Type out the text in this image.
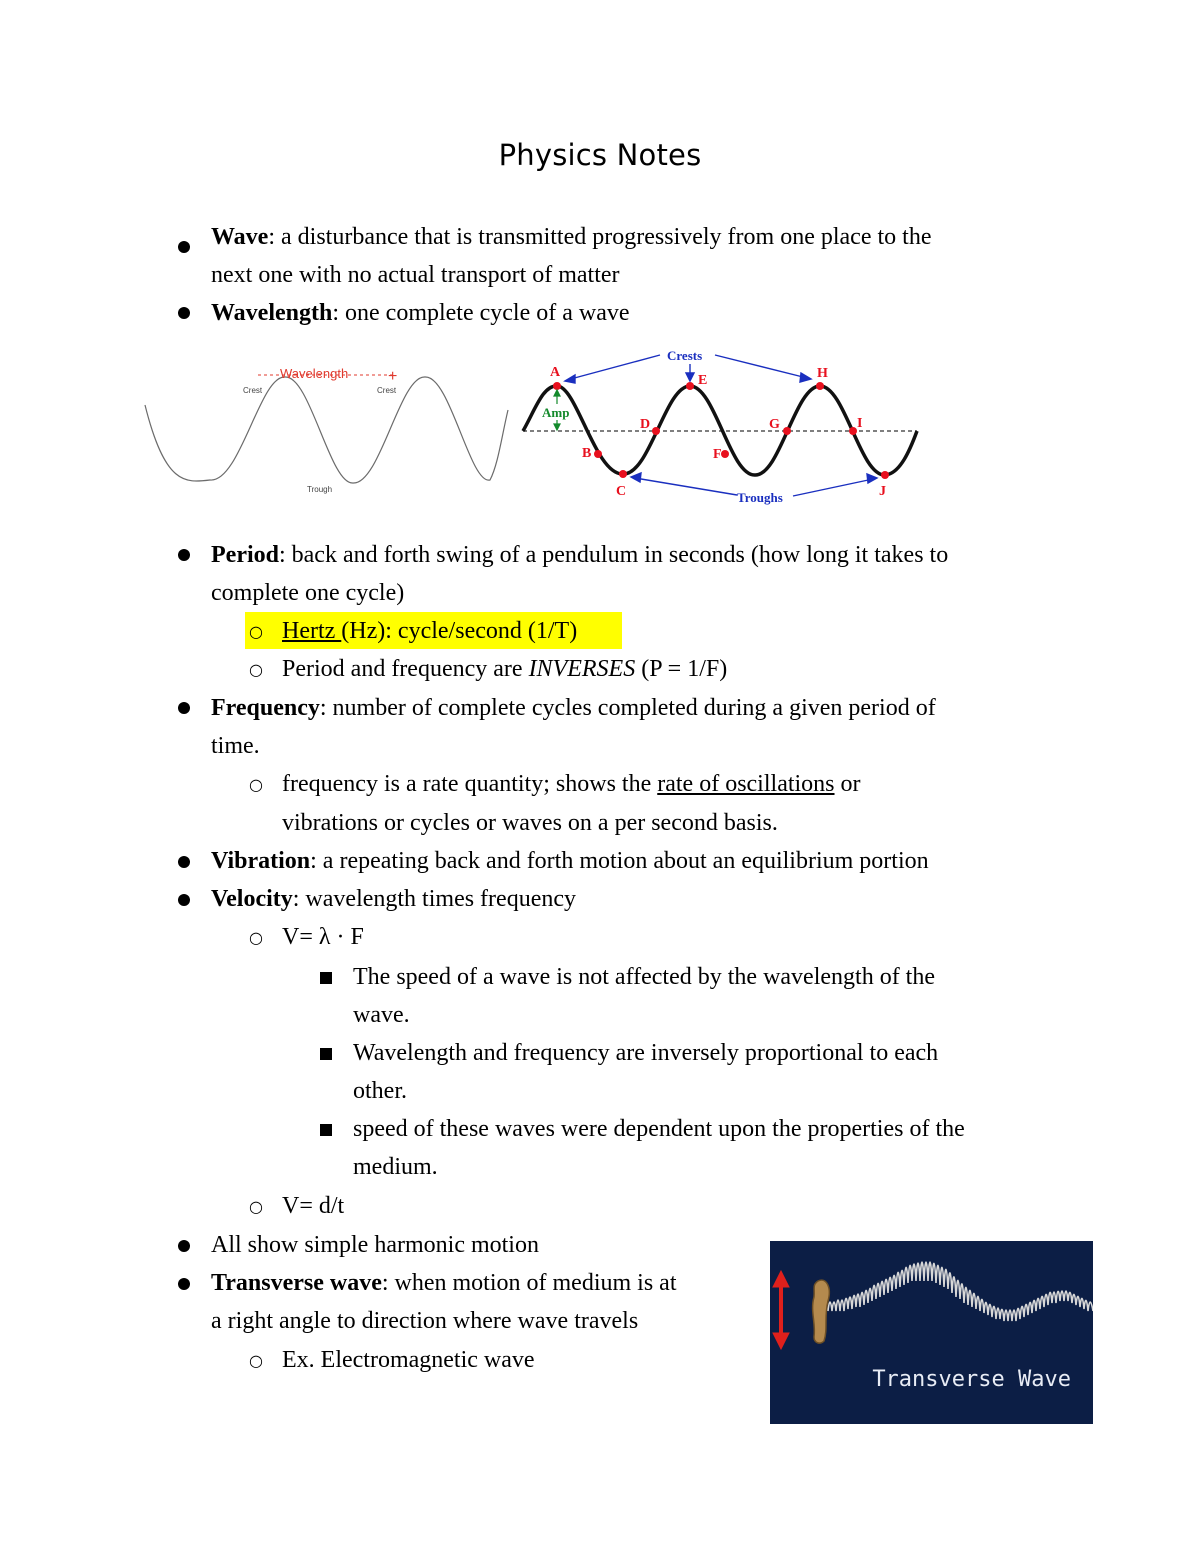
Physics Notes
Wave: a disturbance that is transmitted progressively from one place to the
next one with no actual transport of matter
Wavelength: one complete cycle of a wave
Wavelength +
Crest	Crest
Trough
A
B
C
D
E
F
G
H
I
J
Crests
Troughs
Amp
Period: back and forth swing of a pendulum in seconds (how long it takes to
complete one cycle)
○ Hertz (Hz): cycle/second (1/T)
○ Period and frequency are INVERSES (P = 1/F)
Frequency: number of complete cycles completed during a given period of
time.
○ frequency is a rate quantity; shows the rate of oscillations or
vibrations or cycles or waves on a per second basis.
Vibration: a repeating back and forth motion about an equilibrium portion
Velocity: wavelength times frequency
○ V= λ · F
The speed of a wave is not affected by the wavelength of the
wave.
Wavelength and frequency are inversely proportional to each
other.
speed of these waves were dependent upon the properties of the
medium.
○ V= d/t
All show simple harmonic motion
Transverse wave: when motion of medium is at
a right angle to direction where wave travels
○ Ex. Electromagnetic wave
Transverse Wave
